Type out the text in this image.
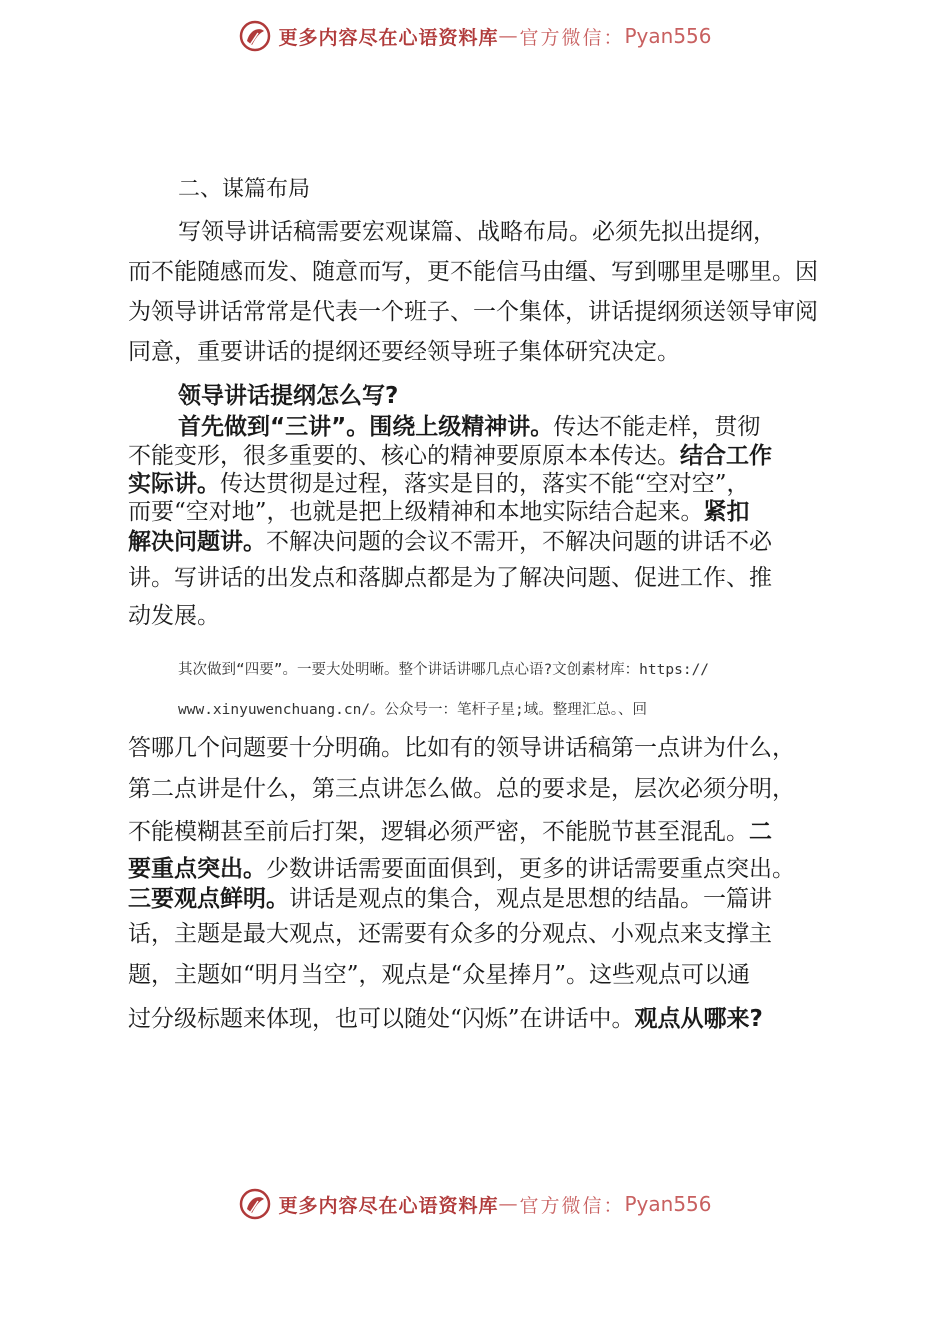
更多内容尽在心语资料库 — 官方微信： Pyan556
二、谋篇布局
写领导讲话稿需要宏观谋篇、战略布局。必须先拟出提纲，
而不能随感而发、随意而写，更不能信马由缰、写到哪里是哪里。因
为领导讲话常常是代表一个班子、一个集体，讲话提纲须送领导审阅
同意，重要讲话的提纲还要经领导班子集体研究决定。
领导讲话提纲怎么写?
首先做到“三讲”。围绕上级精神讲。传达不能走样，贯彻
不能变形，很多重要的、核心的精神要原原本本传达。结合工作
实际讲。传达贯彻是过程，落实是目的，落实不能“空对空”，
而要“空对地”，也就是把上级精神和本地实际结合起来。紧扣
解决问题讲。不解决问题的会议不需开，不解决问题的讲话不必
讲。写讲话的出发点和落脚点都是为了解决问题、促进工作、推
动发展。
其次做到“四要”。一要大处明晰。整个讲话讲哪几点心语?文创素材库：https://
www.xinyuwenchuang.cn/。公众号一：笔杆子星;域。整理汇总。、回
答哪几个问题要十分明确。比如有的领导讲话稿第一点讲为什么，
第二点讲是什么，第三点讲怎么做。总的要求是，层次必须分明，
不能模糊甚至前后打架，逻辑必须严密，不能脱节甚至混乱。二
要重点突出。少数讲话需要面面俱到，更多的讲话需要重点突出。
三要观点鲜明。讲话是观点的集合，观点是思想的结晶。一篇讲
话，主题是最大观点，还需要有众多的分观点、小观点来支撑主
题，主题如“明月当空”，观点是“众星捧月”。这些观点可以通
过分级标题来体现，也可以随处“闪烁”在讲话中。观点从哪来?
更多内容尽在心语资料库 — 官方微信： Pyan556
